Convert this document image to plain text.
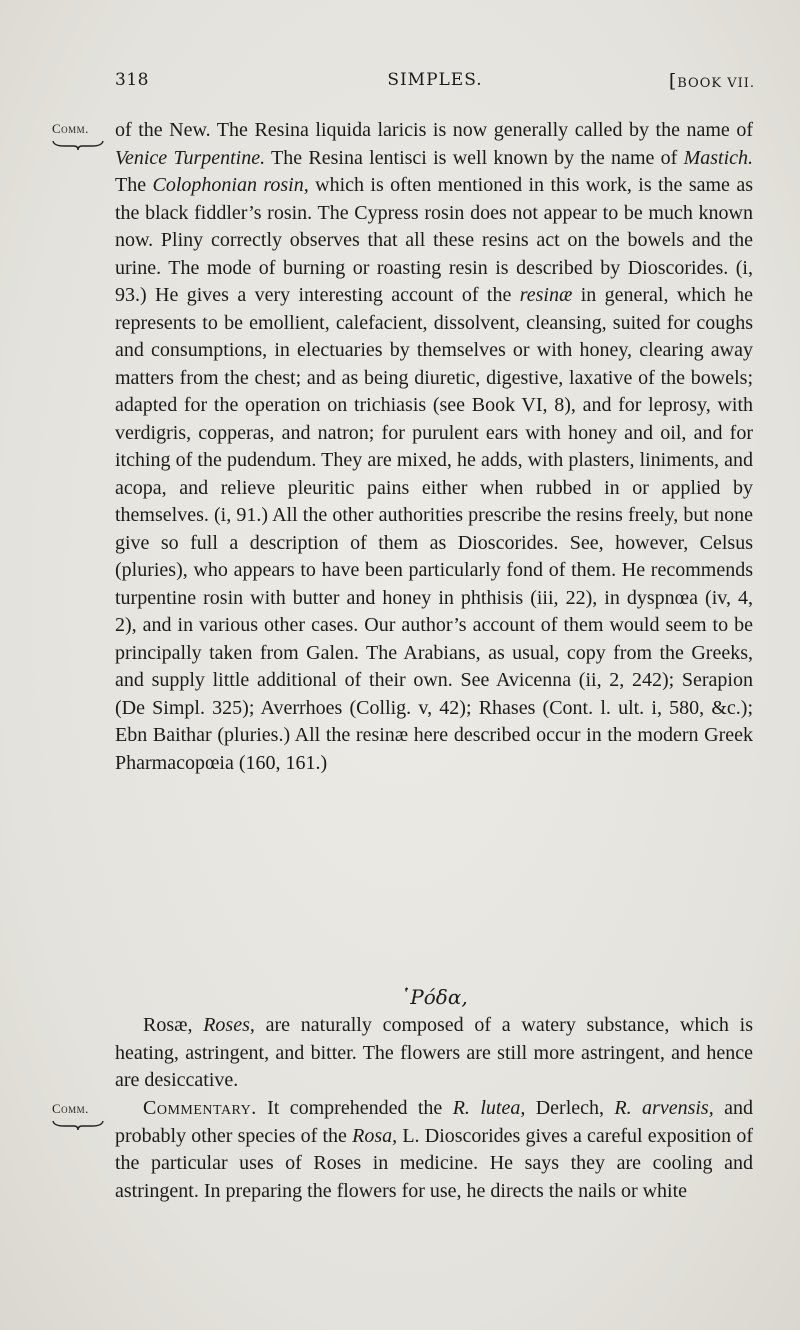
318	SIMPLES.	[BOOK VII.
Comm.	of the New. The Resina liquida laricis is now generally called by the name of Venice Turpentine. The Resina lentisci is well known by the name of Mastich. The Colophonian rosin, which is often mentioned in this work, is the same as the black fiddler’s rosin. The Cypress rosin does not appear to be much known now. Pliny correctly observes that all these resins act on the bowels and the urine. The mode of burning or roasting resin is described by Dioscorides. (i, 93.) He gives a very interesting account of the resinæ in general, which he represents to be emollient, calefacient, dissolvent, cleansing, suited for coughs and consumptions, in electuaries by themselves or with honey, clearing away matters from the chest; and as being diuretic, digestive, laxative of the bowels; adapted for the operation on trichiasis (see Book VI, 8), and for leprosy, with verdigris, copperas, and natron; for purulent ears with honey and oil, and for itching of the pudendum. They are mixed, he adds, with plasters, liniments, and acopa, and relieve pleuritic pains either when rubbed in or applied by themselves. (i, 91.) All the other authorities prescribe the resins freely, but none give so full a description of them as Dioscorides. See, however, Celsus (pluries), who appears to have been particularly fond of them. He recommends turpentine rosin with butter and honey in phthisis (iii, 22), in dyspnœa (iv, 4, 2), and in various other cases. Our author’s account of them would seem to be principally taken from Galen. The Arabians, as usual, copy from the Greeks, and supply little additional of their own. See Avicenna (ii, 2, 242); Serapion (De Simpl. 325); Averrhoes (Collig. v, 42); Rhases (Cont. l. ult. i, 580, &c.); Ebn Baithar (pluries.) All the resinæ here described occur in the modern Greek Pharmacopœia (160, 161.)

῾Ρόδα,

Rosæ, Roses, are naturally composed of a watery substance, which is heating, astringent, and bitter. The flowers are still more astringent, and hence are desiccative.

Comm.	Commentary. It comprehended the R. lutea, Derlech, R. arvensis, and probably other species of the Rosa, L. Dioscorides gives a careful exposition of the particular uses of Roses in medicine. He says they are cooling and astringent. In preparing the flowers for use, he directs the nails or white
